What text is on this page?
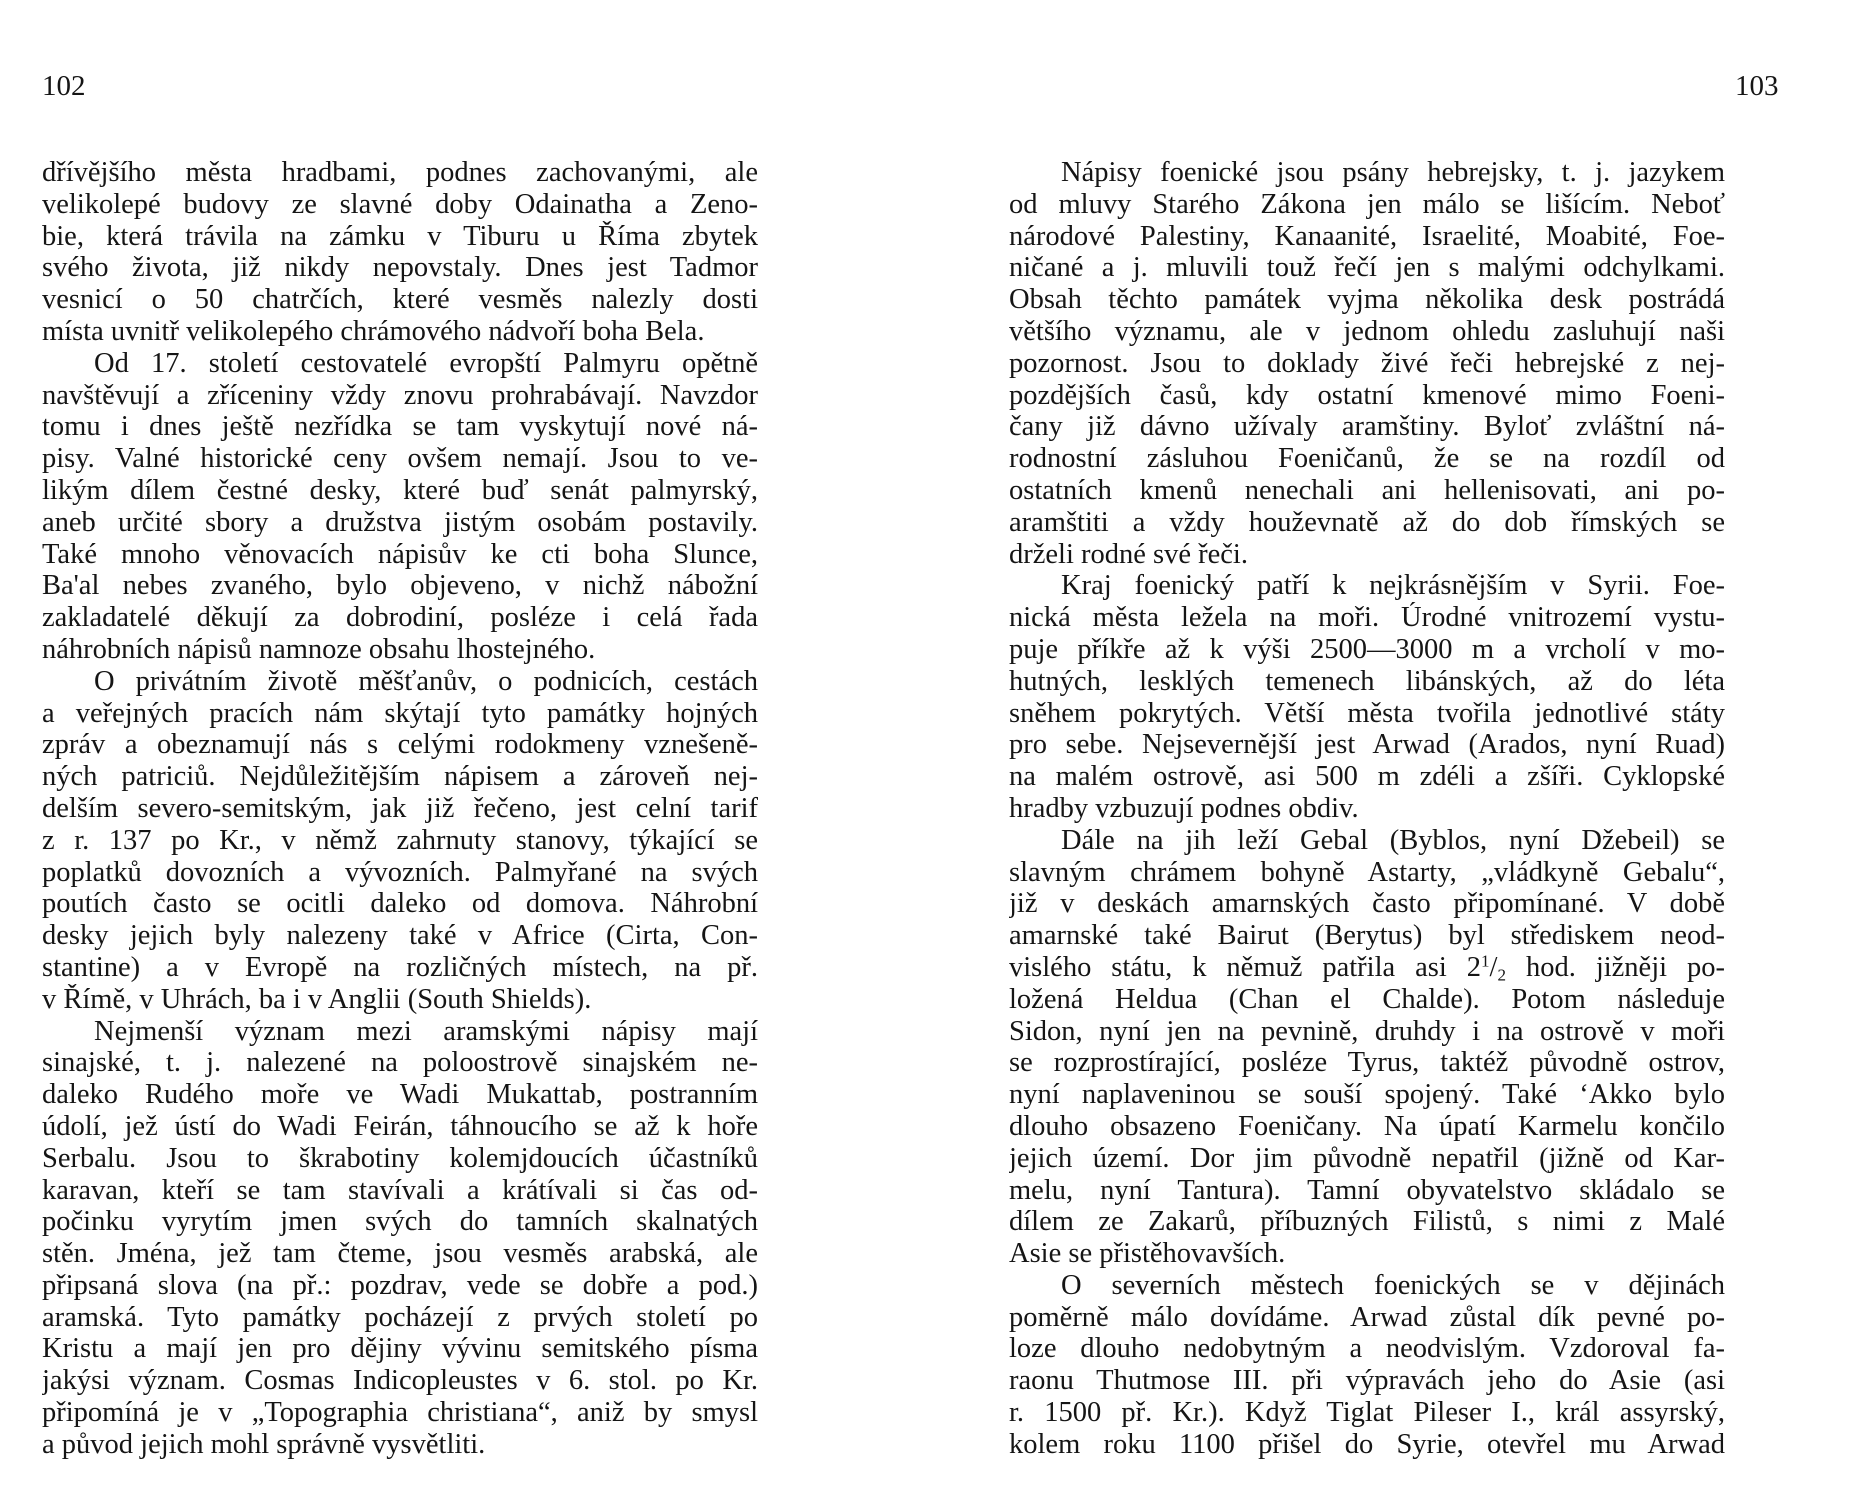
102	103
dřívějšího města hradbami, podnes zachovanými, ale
velikolepé budovy ze slavné doby Odainatha a Zeno-
bie, která trávila na zámku v Tiburu u Říma zbytek
svého života, již nikdy nepovstaly. Dnes jest Tadmor
vesnicí o 50 chatrčích, které vesměs nalezly dosti
místa uvnitř velikolepého chrámového nádvoří boha Bela.
Od 17. století cestovatelé evropští Palmyru opětně
navštěvují a zříceniny vždy znovu prohrabávají. Navzdor
tomu i dnes ještě nezřídka se tam vyskytují nové ná-
pisy. Valné historické ceny ovšem nemají. Jsou to ve-
likým dílem čestné desky, které buď senát palmyrský,
aneb určité sbory a družstva jistým osobám postavily.
Také mnoho věnovacích nápisův ke cti boha Slunce,
Ba'al nebes zvaného, bylo objeveno, v nichž nábožní
zakladatelé děkují za dobrodiní, posléze i celá řada
náhrobních nápisů namnoze obsahu lhostejného.
O privátním životě měšťanův, o podnicích, cestách
a veřejných pracích nám skýtají tyto památky hojných
zpráv a obeznamují nás s celými rodokmeny vznešeně-
ných patriciů. Nejdůležitějším nápisem a zároveň nej-
delším severo-semitským, jak již řečeno, jest celní tarif
z r. 137 po Kr., v němž zahrnuty stanovy, týkající se
poplatků dovozních a vývozních. Palmyřané na svých
poutích často se ocitli daleko od domova. Náhrobní
desky jejich byly nalezeny také v Africe (Cirta, Con-
stantine) a v Evropě na rozličných místech, na př.
v Římě, v Uhrách, ba i v Anglii (South Shields).
Nejmenší význam mezi aramskými nápisy mají
sinajské, t. j. nalezené na poloostrově sinajském ne-
daleko Rudého moře ve Wadi Mukattab, postranním
údolí, jež ústí do Wadi Feirán, táhnoucího se až k hoře
Serbalu. Jsou to škrabotiny kolemjdoucích účastníků
karavan, kteří se tam stavívali a krátívali si čas od-
počinku vyrytím jmen svých do tamních skalnatých
stěn. Jména, jež tam čteme, jsou vesměs arabská, ale
připsaná slova (na př.: pozdrav, vede se dobře a pod.)
aramská. Tyto památky pocházejí z prvých století po
Kristu a mají jen pro dějiny vývinu semitského písma
jakýsi význam. Cosmas Indicopleustes v 6. stol. po Kr.
připomíná je v „Topographia christiana“, aniž by smysl
a původ jejich mohl správně vysvětliti.
Nápisy foenické jsou psány hebrejsky, t. j. jazykem
od mluvy Starého Zákona jen málo se lišícím. Neboť
národové Palestiny, Kanaanité, Israelité, Moabité, Foe-
ničané a j. mluvili touž řečí jen s malými odchylkami.
Obsah těchto památek vyjma několika desk postrádá
většího významu, ale v jednom ohledu zasluhují naši
pozornost. Jsou to doklady živé řeči hebrejské z nej-
pozdějších časů, kdy ostatní kmenové mimo Foeni-
čany již dávno užívaly aramštiny. Byloť zvláštní ná-
rodnostní zásluhou Foeničanů, že se na rozdíl od
ostatních kmenů nenechali ani hellenisovati, ani po-
aramštiti a vždy houževnatě až do dob římských se
drželi rodné své řeči.
Kraj foenický patří k nejkrásnějším v Syrii. Foe-
nická města ležela na moři. Úrodné vnitrozemí vystu-
puje příkře až k výši 2500—3000 m a vrcholí v mo-
hutných, lesklých temenech libánských, až do léta
sněhem pokrytých. Větší města tvořila jednotlivé státy
pro sebe. Nejsevernější jest Arwad (Arados, nyní Ruad)
na malém ostrově, asi 500 m zdéli a zšíři. Cyklopské
hradby vzbuzují podnes obdiv.
Dále na jih leží Gebal (Byblos, nyní Džebeil) se
slavným chrámem bohyně Astarty, „vládkyně Gebalu“,
již v deskách amarnských často připomínané. V době
amarnské také Bairut (Berytus) byl střediskem neod-
vislého státu, k němuž patřila asi $2^1/_2$ hod. jižněji po-
ložená Heldua (Chan el Chalde). Potom následuje
Sidon, nyní jen na pevnině, druhdy i na ostrově v moři
se rozprostírající, posléze Tyrus, taktéž původně ostrov,
nyní naplaveninou se souší spojený. Také ‘Akko bylo
dlouho obsazeno Foeničany. Na úpatí Karmelu končilo
jejich území. Dor jim původně nepatřil (jižně od Kar-
melu, nyní Tantura). Tamní obyvatelstvo skládalo se
dílem ze Zakarů, příbuzných Filistů, s nimi z Malé
Asie se přistěhovavších.
O severních městech foenických se v dějinách
poměrně málo dovídáme. Arwad zůstal dík pevné po-
loze dlouho nedobytným a neodvislým. Vzdoroval fa-
raonu Thutmose III. při výpravách jeho do Asie (asi
r. 1500 př. Kr.). Když Tiglat Pileser I., král assyrský,
kolem roku 1100 přišel do Syrie, otevřel mu Arwad
